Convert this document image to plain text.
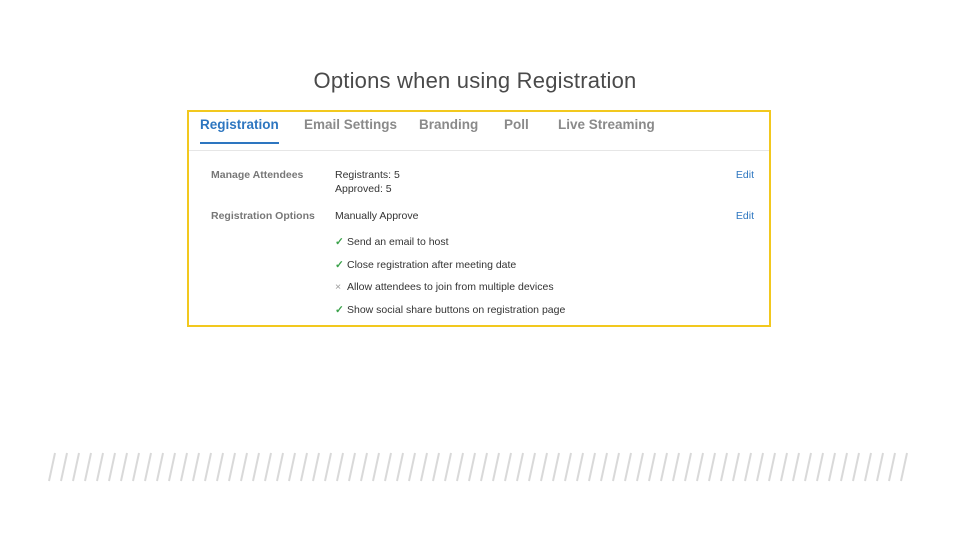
Options when using Registration
Registration Email Settings Branding Poll Live Streaming
Manage Attendees	Registrants: 5
Approved: 5
Edit
Registration Options Manually Approve	Edit
✓ Send an email to host
✓ Close registration after meeting date
× Allow attendees to join from multiple devices
✓ Show social share buttons on registration page
